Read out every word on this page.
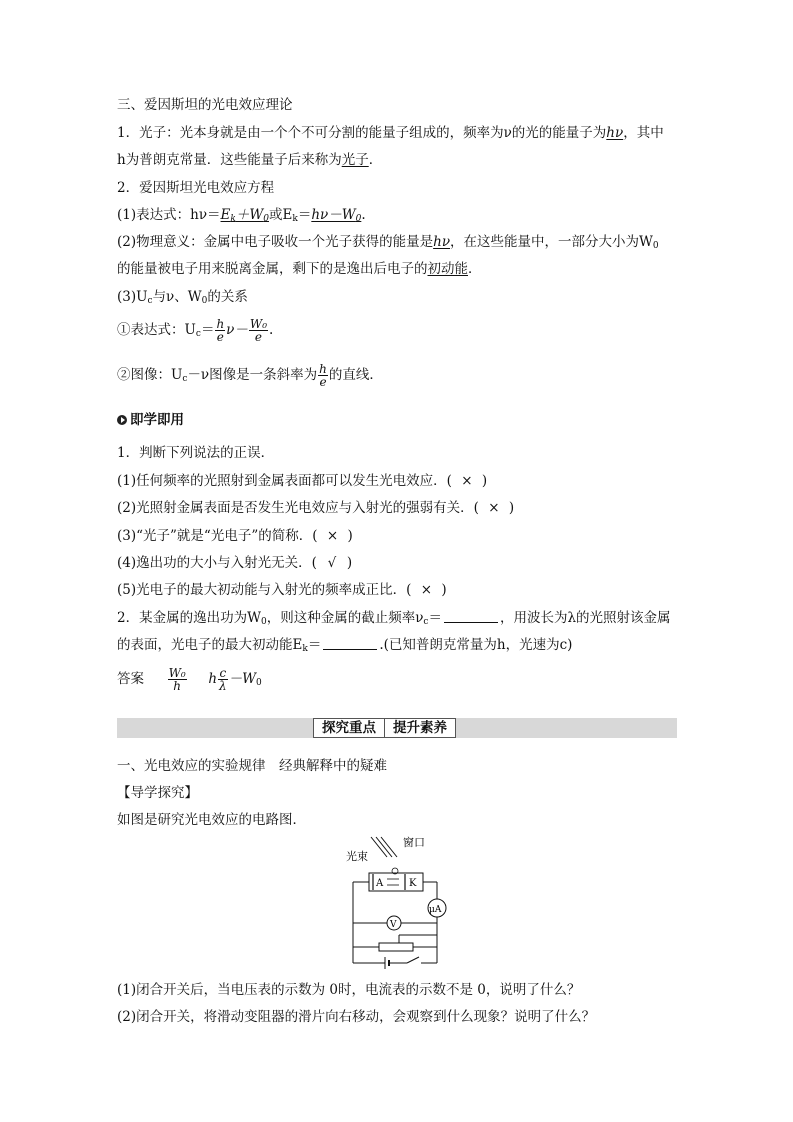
三、爱因斯坦的光电效应理论
1．光子：光本身就是由一个个不可分割的能量子组成的，频率为ν的光的能量子为hν，其中
h为普朗克常量．这些能量子后来称为光子．
2．爱因斯坦光电效应方程
(1)表达式：$h\nu=E_k+W_0$或$E_k=h\nu-W_0$.
(2)物理意义：金属中电子吸收一个光子获得的能量是hν，在这些能量中，一部分大小为$W_0$
的能量被电子用来脱离金属，剩下的是逸出后电子的初动能．
$(3)U_c$与ν、$W_0$的关系
①表达式：$U_c= \frac{h}{e} \nu- \frac{\text{W₀}}{e}$ .
②图像：$U_c-\nu$图像是一条斜率为 $\frac{h}{e}$ 的直线．
即学即用
1．判断下列说法的正误．
(1)任何频率的光照射到金属表面都可以发生光电效应．( × )
(2)光照射金属表面是否发生光电效应与入射光的强弱有关．( × )
(3)“光子”就是“光电子”的简称．( × )
(4)逸出功的大小与入射光无关．( √ )
(5)光电子的最大初动能与入射光的频率成正比．( × )
2．某金属的逸出功为$W_0$，则这种金属的截止频率$\nu_c=$	，用波长为λ的光照射该金属
的表面，光电子的最大初动能$E_k=$	.(已知普朗克常量为h，光速为c)
答案 $\frac{\text{W₀}}{h}$ h $\frac{c}{\lambda} -W_0$
探究重点	提升素养
一、光电效应的实验规律　经典解释中的疑难
【导学探究】
如图是研究光电效应的电路图．
窗口
光束
A	K
μA
V
(1)闭合开关后，当电压表的示数为 0时，电流表的示数不是 0，说明了什么？
(2)闭合开关，将滑动变阻器的滑片向右移动，会观察到什么现象？说明了什么？
